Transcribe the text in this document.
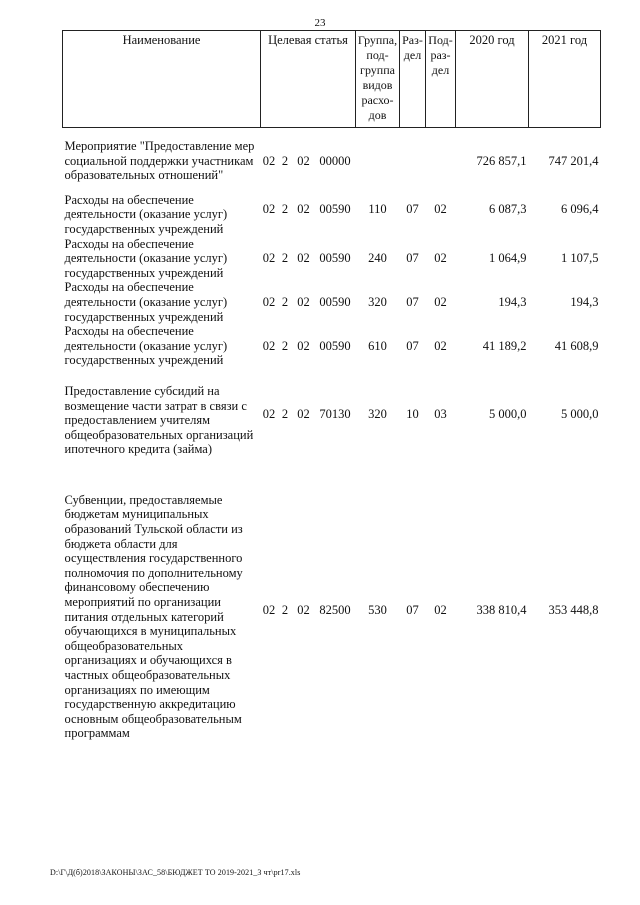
23
Наименование	Целевая статья				Группа, под-группа видов расхо-дов	Раз-дел	Под-раз-дел	2020 год	2021 год
Мероприятие "Предоставление мер социальной поддержки участникам образовательных отношений"	02	2	02	00000				726 857,1	747 201,4
Расходы на обеспечение деятельности (оказание услуг) государственных учреждений	02	2	02	00590	110	07	02	6 087,3	6 096,4
Расходы на обеспечение деятельности (оказание услуг) государственных учреждений	02	2	02	00590	240	07	02	1 064,9	1 107,5
Расходы на обеспечение деятельности (оказание услуг) государственных учреждений	02	2	02	00590	320	07	02	194,3	194,3
Расходы на обеспечение деятельности (оказание услуг) государственных учреждений	02	2	02	00590	610	07	02	41 189,2	41 608,9
Предоставление субсидий на возмещение части затрат в связи с предоставлением учителям общеобразовательных организаций ипотечного кредита (займа)	02	2	02	70130	320	10	03	5 000,0	5 000,0
Субвенции, предоставляемые бюджетам муниципальных образований Тульской области из бюджета области для осуществления государственного полномочия по дополнительному финансовому обеспечению мероприятий по организации питания отдельных категорий обучающихся в муниципальных общеобразовательных организациях и обучающихся в частных общеобразовательных организациях по имеющим государственную аккредитацию основным общеобразовательным программам	02	2	02	82500	530	07	02	338 810,4	353 448,8
D:\Г\Д(б)2018\ЗАКОНЫ\ЗАС_58\БЮДЖЕТ ТО 2019-2021_3 чт\pr17.xls
